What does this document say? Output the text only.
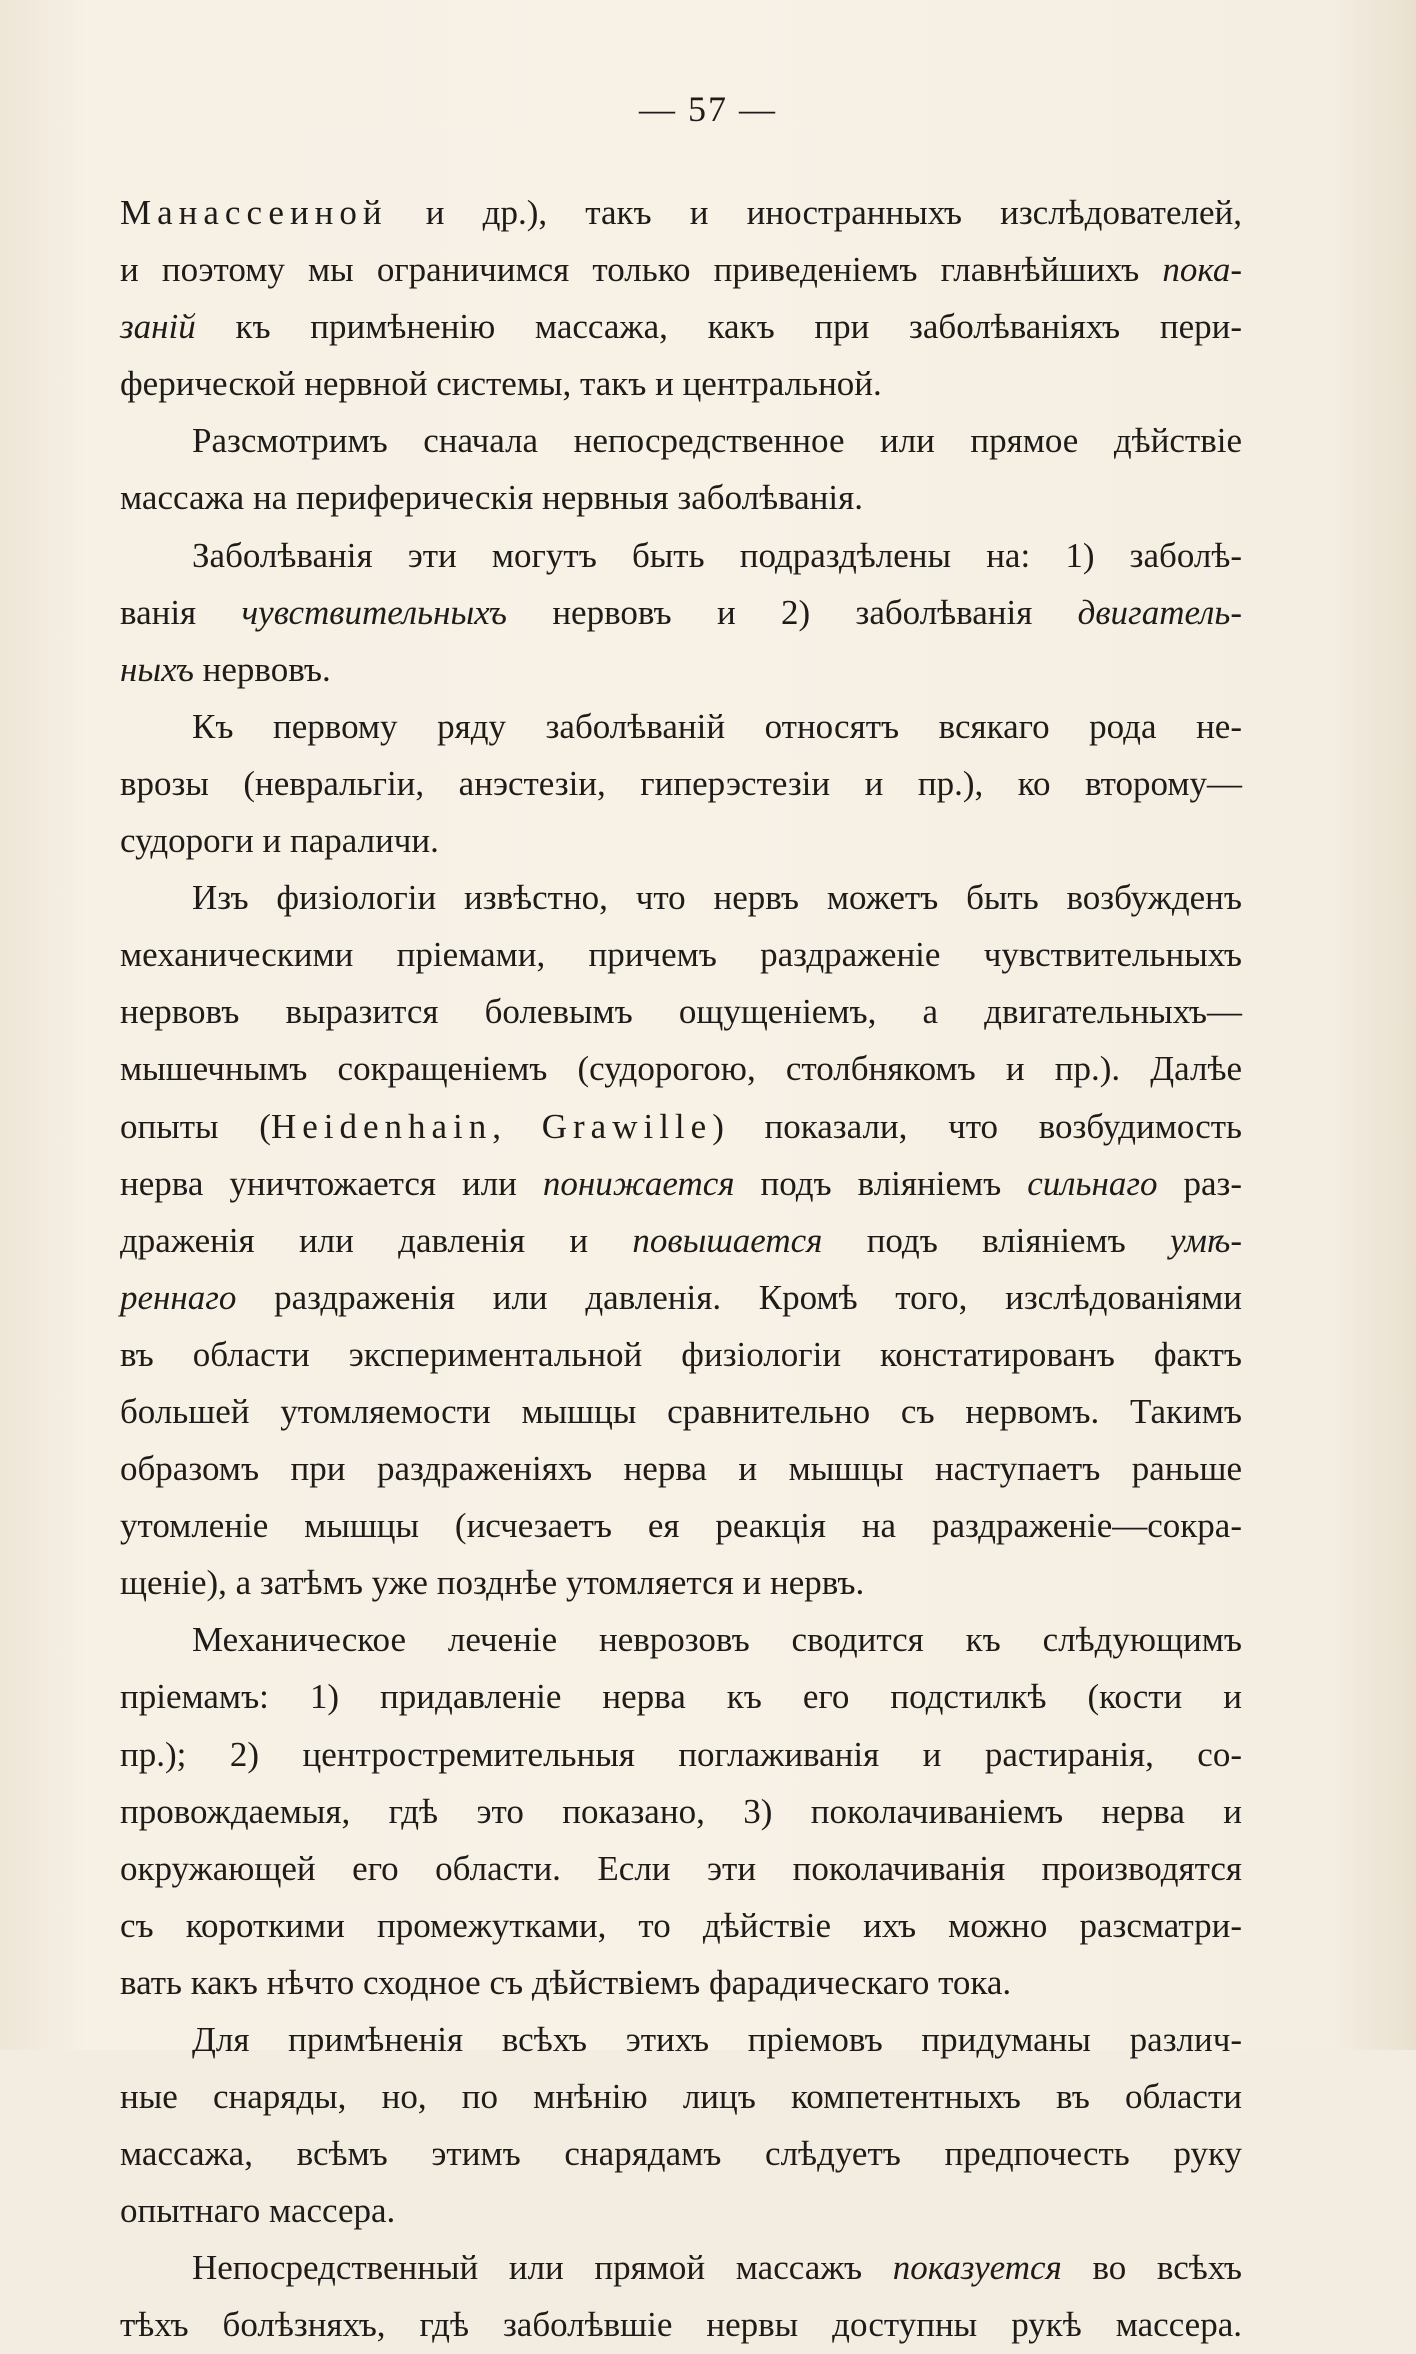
— 57 —
Манассеиной и др.), такъ и иностранныхъ изслѣдователей,
и поэтому мы ограничимся только приведеніемъ главнѣйшихъ пока-
заній къ примѣненію массажа, какъ при заболѣваніяхъ пери-
ферической нервной системы, такъ и центральной.
Разсмотримъ сначала непосредственное или прямое дѣйствіе
массажа на периферическія нервныя заболѣванія.
Заболѣванія эти могутъ быть подраздѣлены на: 1) заболѣ-
ванія чувствительныхъ нервовъ и 2) заболѣванія двигатель-
ныхъ нервовъ.
Къ первому ряду заболѣваній относятъ всякаго рода не-
врозы (невральгіи, анэстезіи, гиперэстезіи и пр.), ко второму—
судороги и параличи.
Изъ физіологіи извѣстно, что нервъ можетъ быть возбужденъ
механическими пріемами, причемъ раздраженіе чувствительныхъ
нервовъ выразится болевымъ ощущеніемъ, а двигательныхъ—
мышечнымъ сокращеніемъ (судорогою, столбнякомъ и пр.). Далѣе
опыты (Heidenhain, Grawille) показали, что возбудимость
нерва уничтожается или понижается подъ вліяніемъ сильнаго раз-
драженія или давленія и повышается подъ вліяніемъ умѣ-
реннаго раздраженія или давленія. Кромѣ того, изслѣдованіями
въ области экспериментальной физіологіи констатированъ фактъ
большей утомляемости мышцы сравнительно съ нервомъ. Такимъ
образомъ при раздраженіяхъ нерва и мышцы наступаетъ раньше
утомленіе мышцы (исчезаетъ ея реакція на раздраженіе—сокра-
щеніе), а затѣмъ уже позднѣе утомляется и нервъ.
Механическое леченіе неврозовъ сводится къ слѣдующимъ
пріемамъ: 1) придавленіе нерва къ его подстилкѣ (кости и
пр.); 2) центростремительныя поглаживанія и растиранія, со-
провождаемыя, гдѣ это показано, 3) поколачиваніемъ нерва и
окружающей его области. Если эти поколачиванія производятся
съ короткими промежутками, то дѣйствіе ихъ можно разсматри-
вать какъ нѣчто сходное съ дѣйствіемъ фарадическаго тока.
Для примѣненія всѣхъ этихъ пріемовъ придуманы различ-
ные снаряды, но, по мнѣнію лицъ компетентныхъ въ области
массажа, всѣмъ этимъ снарядамъ слѣдуетъ предпочесть руку
опытнаго массера.
Непосредственный или прямой массажъ показуется во всѣхъ
тѣхъ болѣзняхъ, гдѣ заболѣвшіе нервы доступны рукѣ массера.
